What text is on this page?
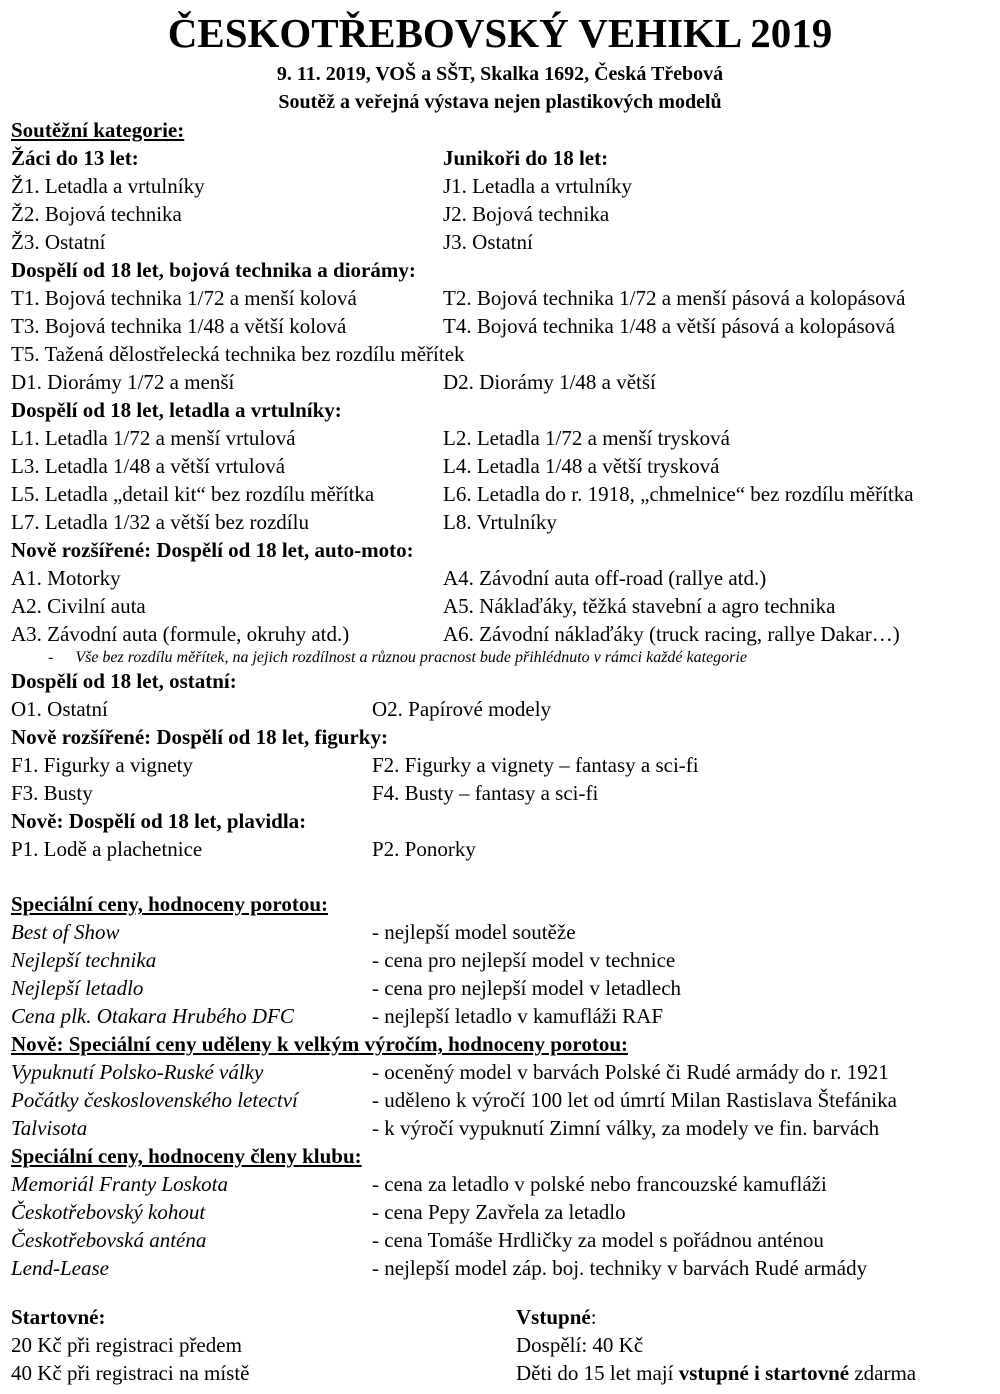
ČESKOTŘEBOVSKÝ VEHIKL 2019
9. 11. 2019, VOŠ a SŠT, Skalka 1692, Česká Třebová
Soutěž a veřejná výstava nejen plastikových modelů
Soutěžní kategorie:
Žáci do 13 let:	Junikoři do 18 let:
Ž1. Letadla a vrtulníky	J1. Letadla a vrtulníky
Ž2. Bojová technika	J2. Bojová technika
Ž3. Ostatní	J3. Ostatní
Dospělí od 18 let, bojová technika a diorámy:
T1. Bojová technika 1/72 a menší kolová	T2. Bojová technika 1/72 a menší pásová a kolopásová
T3. Bojová technika 1/48 a větší kolová	T4. Bojová technika 1/48 a větší pásová a kolopásová
T5. Tažená dělostřelecká technika bez rozdílu měřítek
D1. Diorámy 1/72 a menší	D2. Diorámy 1/48 a větší
Dospělí od 18 let, letadla a vrtulníky:
L1. Letadla 1/72 a menší vrtulová	L2. Letadla 1/72 a menší trysková
L3. Letadla 1/48 a větší vrtulová	L4. Letadla 1/48 a větší trysková
L5. Letadla „detail kit“ bez rozdílu měřítka	L6. Letadla do r. 1918, „chmelnice“ bez rozdílu měřítka
L7. Letadla 1/32 a větší bez rozdílu	L8. Vrtulníky
Nově rozšířené: Dospělí od 18 let, auto-moto:
A1. Motorky	A4. Závodní auta off-road (rallye atd.)
A2. Civilní auta	A5. Náklaďáky, těžká stavební a agro technika
A3. Závodní auta (formule, okruhy atd.)	A6. Závodní náklaďáky (truck racing, rallye Dakar…)
- Vše bez rozdílu měřítek, na jejich rozdílnost a různou pracnost bude přihlédnuto v rámci každé kategorie
Dospělí od 18 let, ostatní:
O1. Ostatní	O2. Papírové modely
Nově rozšířené: Dospělí od 18 let, figurky:
F1. Figurky a vignety	F2. Figurky a vignety – fantasy a sci-fi
F3. Busty	F4. Busty – fantasy a sci-fi
Nově: Dospělí od 18 let, plavidla:
P1. Lodě a plachetnice	P2. Ponorky
Speciální ceny, hodnoceny porotou:
Best of Show	- nejlepší model soutěže
Nejlepší technika	- cena pro nejlepší model v technice
Nejlepší letadlo	- cena pro nejlepší model v letadlech
Cena plk. Otakara Hrubého DFC	- nejlepší letadlo v kamufláži RAF
Nově: Speciální ceny uděleny k velkým výročím, hodnoceny porotou:
Vypuknutí Polsko-Ruské války	- oceněný model v barvách Polské či Rudé armády do r. 1921
Počátky československého letectví	- uděleno k výročí 100 let od úmrtí Milan Rastislava Štefánika
Talvisota	- k výročí vypuknutí Zimní války, za modely ve fin. barvách
Speciální ceny, hodnoceny členy klubu:
Memoriál Franty Loskota	- cena za letadlo v polské nebo francouzské kamufláži
Českotřebovský kohout	- cena Pepy Zavřela za letadlo
Českotřebovská anténa	- cena Tomáše Hrdličky za model s pořádnou anténou
Lend-Lease	- nejlepší model záp. boj. techniky v barvách Rudé armády
Startovné:	Vstupné:
20 Kč při registraci předem	Dospělí: 40 Kč
40 Kč při registraci na místě	Děti do 15 let mají vstupné i startovné zdarma
